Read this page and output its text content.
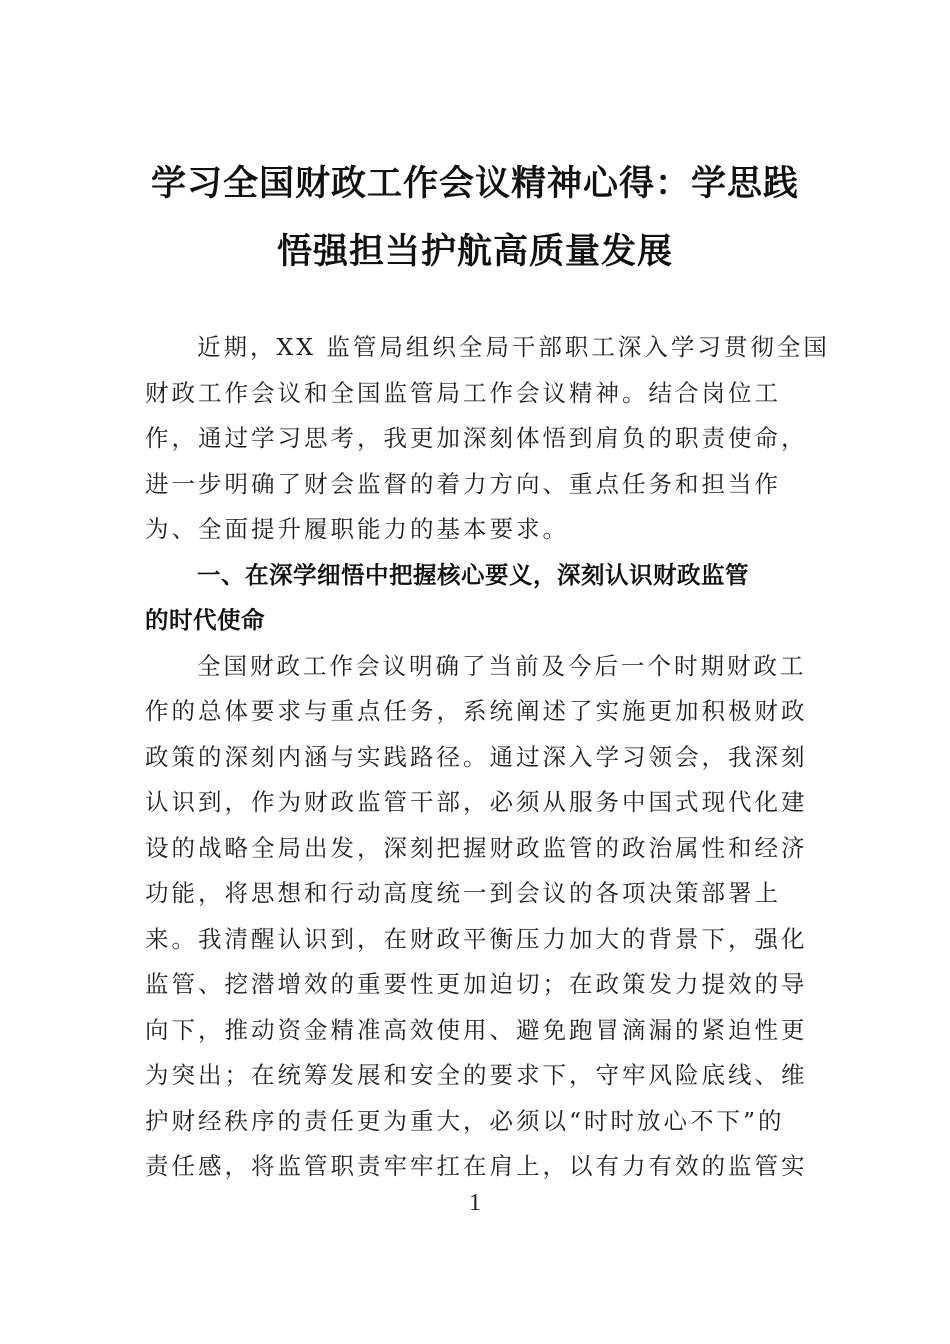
学习全国财政工作会议精神心得：学思践
悟强担当护航高质量发展
近期，XX 监管局组织全局干部职工深入学习贯彻全国
财政工作会议和全国监管局工作会议精神。结合岗位工
作，通过学习思考，我更加深刻体悟到肩负的职责使命，
进一步明确了财会监督的着力方向、重点任务和担当作
为、全面提升履职能力的基本要求。
一、在深学细悟中把握核心要义，深刻认识财政监管
的时代使命
全国财政工作会议明确了当前及今后一个时期财政工
作的总体要求与重点任务，系统阐述了实施更加积极财政
政策的深刻内涵与实践路径。通过深入学习领会，我深刻
认识到，作为财政监管干部，必须从服务中国式现代化建
设的战略全局出发，深刻把握财政监管的政治属性和经济
功能，将思想和行动高度统一到会议的各项决策部署上
来。我清醒认识到，在财政平衡压力加大的背景下，强化
监管、挖潜增效的重要性更加迫切；在政策发力提效的导
向下，推动资金精准高效使用、避免跑冒滴漏的紧迫性更
为突出；在统筹发展和安全的要求下，守牢风险底线、维
护财经秩序的责任更为重大，必须以“时时放心不下”的
责任感，将监管职责牢牢扛在肩上，以有力有效的监管实
1
